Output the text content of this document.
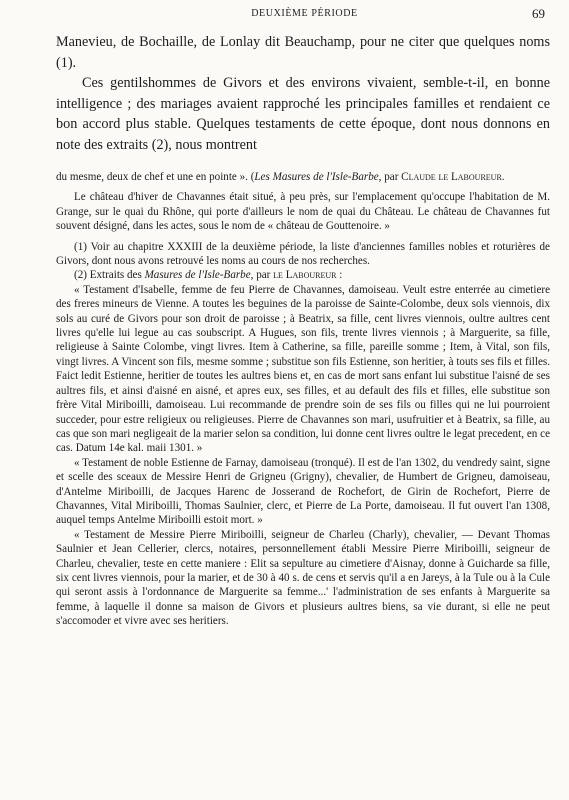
DEUXIÈME PÉRIODE	69

Manevieu, de Bochaille, de Lonlay dit Beauchamp, pour ne citer que quelques noms (1).

Ces gentilshommes de Givors et des environs vivaient, semble-t-il, en bonne intelligence ; des mariages avaient rapproché les principales familles et rendaient ce bon accord plus stable. Quelques testaments de cette époque, dont nous donnons en note des extraits (2), nous montrent

du mesme, deux de chef et une en pointe ». (Les Masures de l'Isle-Barbe, par Claude le Laboureur.

Le château d'hiver de Chavannes était situé, à peu près, sur l'emplacement qu'occupe l'habitation de M. Grange, sur le quai du Rhône, qui porte d'ailleurs le nom de quai du Château. Le château de Chavannes fut souvent désigné, dans les actes, sous le nom de « château de Gouttenoire. »

(1) Voir au chapitre XXXIII de la deuxième période, la liste d'anciennes familles nobles et roturières de Givors, dont nous avons retrouvé les noms au cours de nos recherches.

(2) Extraits des Masures de l'Isle-Barbe, par le Laboureur :

« Testament d'Isabelle, femme de feu Pierre de Chavannes, damoiseau. Veult estre enterrée au cimetiere des freres mineurs de Vienne. A toutes les beguines de la paroisse de Sainte-Colombe, deux sols viennois, dix sols au curé de Givors pour son droit de paroisse ; à Beatrix, sa fille, cent livres viennois, oultre aultres cent livres qu'elle lui legue au cas soubscript. A Hugues, son fils, trente livres viennois ; à Marguerite, sa fille, religieuse à Sainte Colombe, vingt livres. Item à Catherine, sa fille, pareille somme ; Item, à Vital, son fils, vingt livres. A Vincent son fils, mesme somme ; substitue son fils Estienne, son heritier, à touts ses fils et filles. Faict ledit Estienne, heritier de toutes les aultres biens et, en cas de mort sans enfant lui substitue l'aisné de ses aultres fils, et ainsi d'aisné en aisné, et apres eux, ses filles, et au default des fils et filles, elle substitue son frère Vital Miriboilli, damoiseau. Lui recommande de prendre soin de ses fils ou filles qui ne lui pourroient succeder, pour estre religieux ou religieuses. Pierre de Chavannes son mari, usufruitier et à Beatrix, sa fille, au cas que son mari negligeait de la marier selon sa condition, lui donne cent livres oultre le legat precedent, en ce cas. Datum 14e kal. maii 1301. »

« Testament de noble Estienne de Farnay, damoiseau (tronqué). Il est de l'an 1302, du vendredy saint, signe et scelle des sceaux de Messire Henri de Grigneu (Grigny), chevalier, de Humbert de Grigneu, damoiseau, d'Antelme Miriboilli, de Jacques Harenc de Josserand de Rochefort, de Girin de Rochefort, Pierre de Chavannes, Vital Miriboilli, Thomas Saulnier, clerc, et Pierre de La Porte, damoiseau. Il fut ouvert l'an 1308, auquel temps Antelme Miriboilli estoit mort. »

« Testament de Messire Pierre Miriboilli, seigneur de Charleu (Charly), chevalier, — Devant Thomas Saulnier et Jean Cellerier, clercs, notaires, personnellement établi Messire Pierre Miriboilli, seigneur de Charleu, chevalier, teste en cette maniere : Elit sa sepulture au cimetiere d'Aisnay, donne à Guicharde sa fille, six cent livres viennois, pour la marier, et de 30 à 40 s. de cens et servis qu'il a en Jareys, à la Tule ou à la Cule qui seront assis à l'ordonnance de Marguerite sa femme...' l'administration de ses enfants à Marguerite sa femme, à laquelle il donne sa maison de Givors et plusieurs aultres biens, sa vie durant, si elle ne peut s'accomoder et vivre avec ses heritiers.
